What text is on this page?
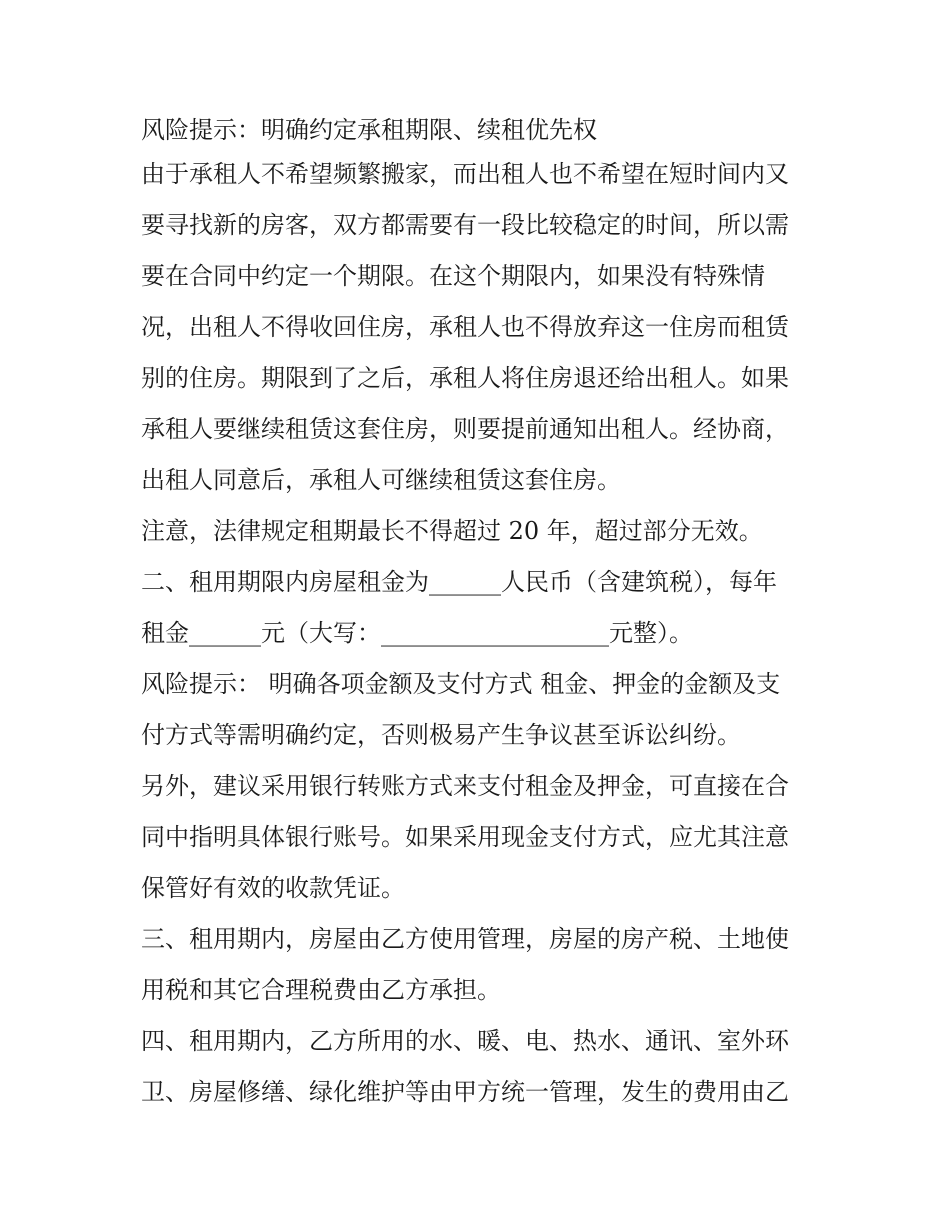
风险提示：明确约定承租期限、续租优先权
由于承租人不希望频繁搬家，而出租人也不希望在短时间内又
要寻找新的房客，双方都需要有一段比较稳定的时间，所以需
要在合同中约定一个期限。在这个期限内，如果没有特殊情
况，出租人不得收回住房，承租人也不得放弃这一住房而租赁
别的住房。期限到了之后，承租人将住房退还给出租人。如果
承租人要继续租赁这套住房，则要提前通知出租人。经协商，
出租人同意后，承租人可继续租赁这套住房。
注意，法律规定租期最长不得超过 20 年，超过部分无效。
二、租用期限内房屋租金为______人民币（含建筑税），每年
租金______元（大写：___________________元整）。
风险提示： 明确各项金额及支付方式 租金、押金的金额及支
付方式等需明确约定，否则极易产生争议甚至诉讼纠纷。
另外，建议采用银行转账方式来支付租金及押金，可直接在合
同中指明具体银行账号。如果采用现金支付方式，应尤其注意
保管好有效的收款凭证。
三、租用期内，房屋由乙方使用管理，房屋的房产税、土地使
用税和其它合理税费由乙方承担。
四、租用期内，乙方所用的水、暖、电、热水、通讯、室外环
卫、房屋修缮、绿化维护等由甲方统一管理，发生的费用由乙
